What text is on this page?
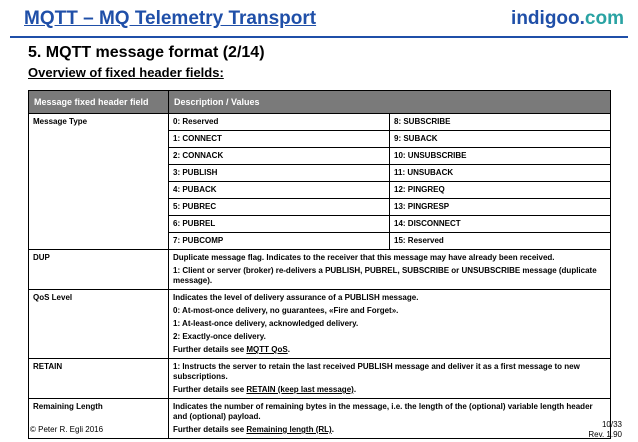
MQTT – MQ Telemetry Transport	indigoo.com
5. MQTT message format (2/14)
Overview of fixed header fields:
Message fixed header field	Description / Values	
Message Type	0: Reserved	8: SUBSCRIBE
	1: CONNECT	9: SUBACK
	2: CONNACK	10: UNSUBSCRIBE
	3: PUBLISH	11: UNSUBACK
	4: PUBACK	12: PINGREQ
	5: PUBREC	13: PINGRESP
	6: PUBREL	14: DISCONNECT
	7: PUBCOMP	15: Reserved
DUP	Duplicate message flag. Indicates to the receiver that this message may have already been received.
1: Client or server (broker) re-delivers a PUBLISH, PUBREL, SUBSCRIBE or UNSUBSCRIBE message (duplicate message).	

QoS Level	Indicates the level of delivery assurance of a PUBLISH message.
0: At-most-once delivery, no guarantees, «Fire and Forget».
1: At-least-once delivery, acknowledged delivery.
2: Exactly-once delivery.
Further details see MQTT QoS.	

RETAIN	1: Instructs the server to retain the last received PUBLISH message and deliver it as a first message to new subscriptions.
Further details see RETAIN (keep last message).	

Remaining Length	Indicates the number of remaining bytes in the message, i.e. the length of the (optional) variable length header and (optional) payload.
Further details see Remaining length (RL).	
© Peter R. Egli 2016
10/33
Rev. 1.90
